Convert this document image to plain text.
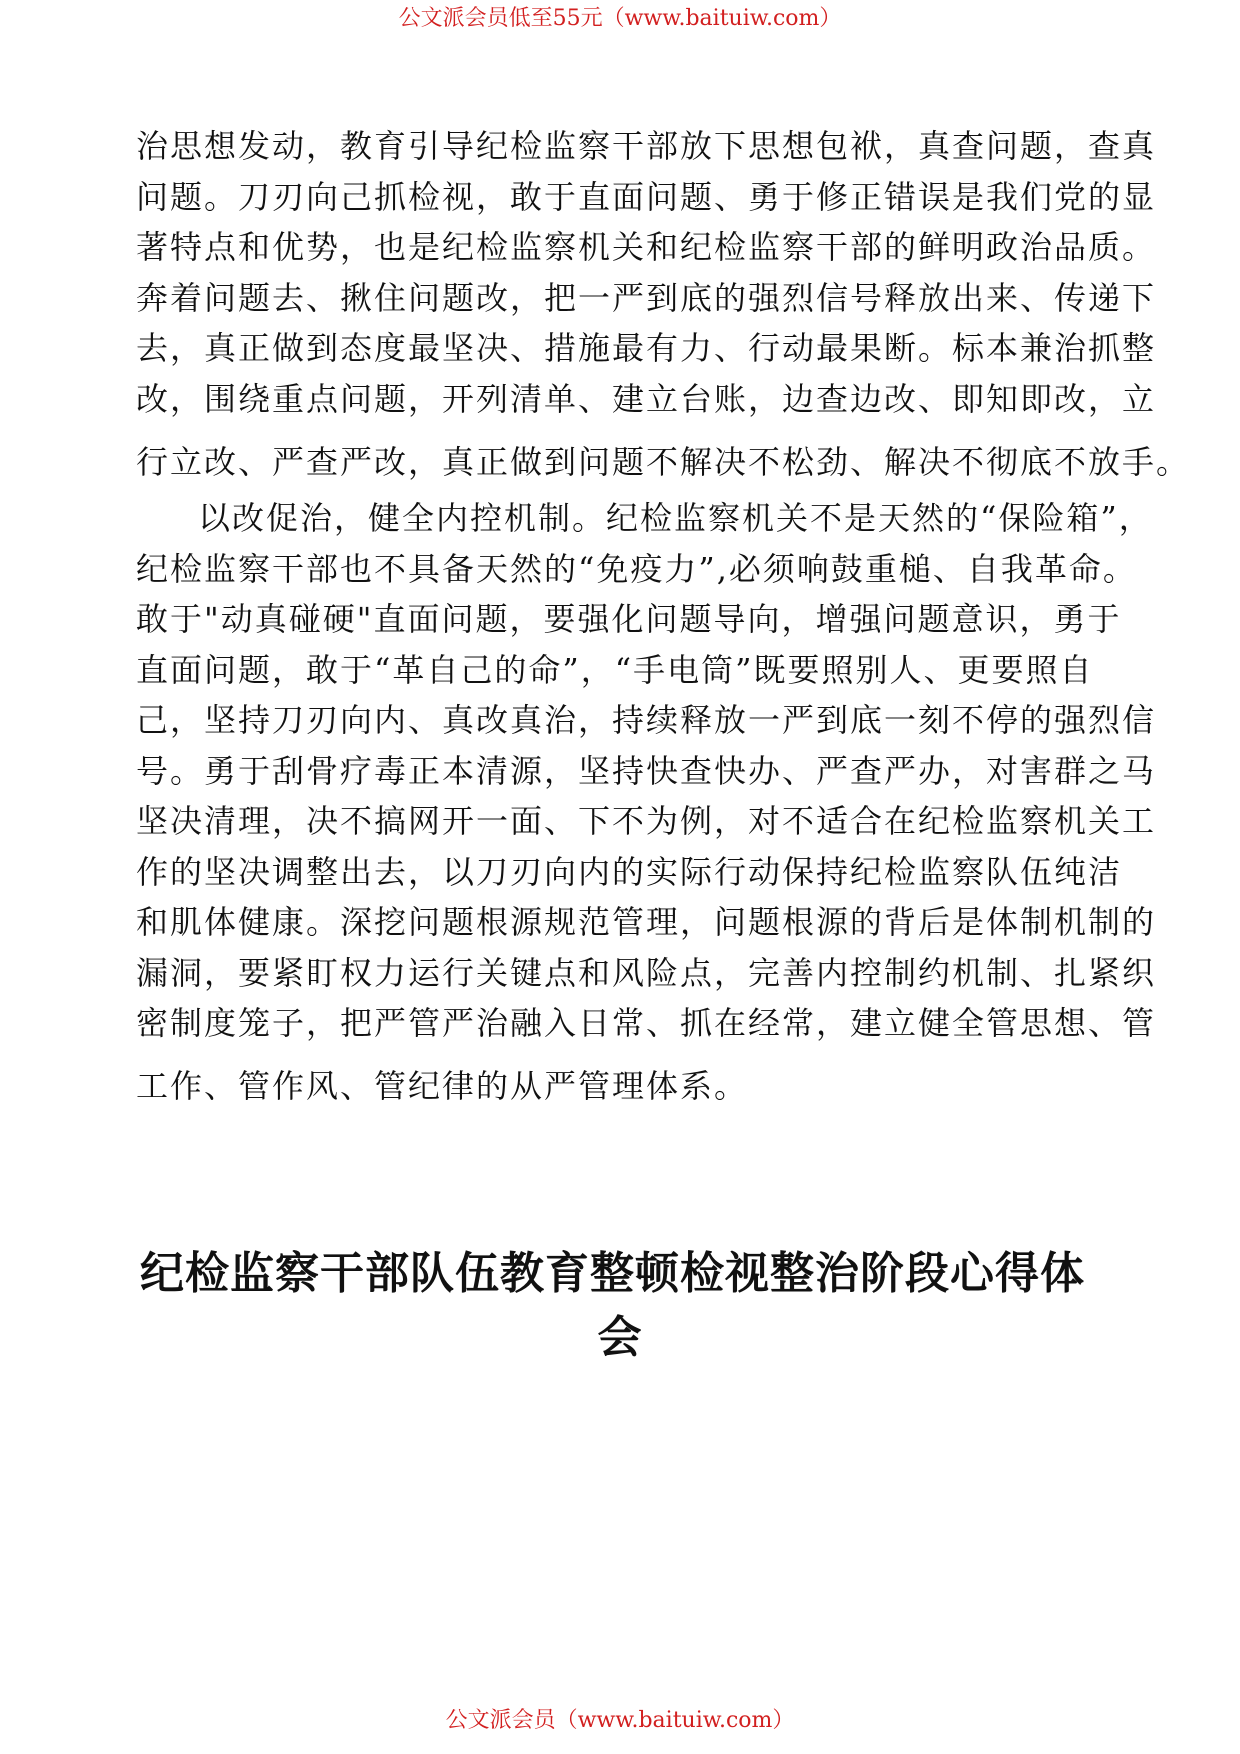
公文派会员低至55元（www.baituiw.com）
治思想发动，教育引导纪检监察干部放下思想包袱，真查问题，查真
问题。刀刃向己抓检视，敢于直面问题、勇于修正错误是我们党的显
著特点和优势，也是纪检监察机关和纪检监察干部的鲜明政治品质。
奔着问题去、揪住问题改，把一严到底的强烈信号释放出来、传递下
去，真正做到态度最坚决、措施最有力、行动最果断。标本兼治抓整
改，围绕重点问题，开列清单、建立台账，边查边改、即知即改，立
行立改、严查严改，真正做到问题不解决不松劲、解决不彻底不放手。
以改促治，健全内控机制。纪检监察机关不是天然的“保险箱”，
纪检监察干部也不具备天然的“免疫力”,必须响鼓重槌、自我革命。
敢于"动真碰硬"直面问题，要强化问题导向，增强问题意识，勇于
直面问题，敢于“革自己的命”，“手电筒”既要照别人、更要照自
己，坚持刀刃向内、真改真治，持续释放一严到底一刻不停的强烈信
号。勇于刮骨疗毒正本清源，坚持快查快办、严查严办，对害群之马
坚决清理，决不搞网开一面、下不为例，对不适合在纪检监察机关工
作的坚决调整出去，以刀刃向内的实际行动保持纪检监察队伍纯洁
和肌体健康。深挖问题根源规范管理，问题根源的背后是体制机制的
漏洞，要紧盯权力运行关键点和风险点，完善内控制约机制、扎紧织
密制度笼子，把严管严治融入日常、抓在经常，建立健全管思想、管
工作、管作风、管纪律的从严管理体系。
纪检监察干部队伍教育整顿检视整治阶段心得体
会
公文派会员（www.baituiw.com）
